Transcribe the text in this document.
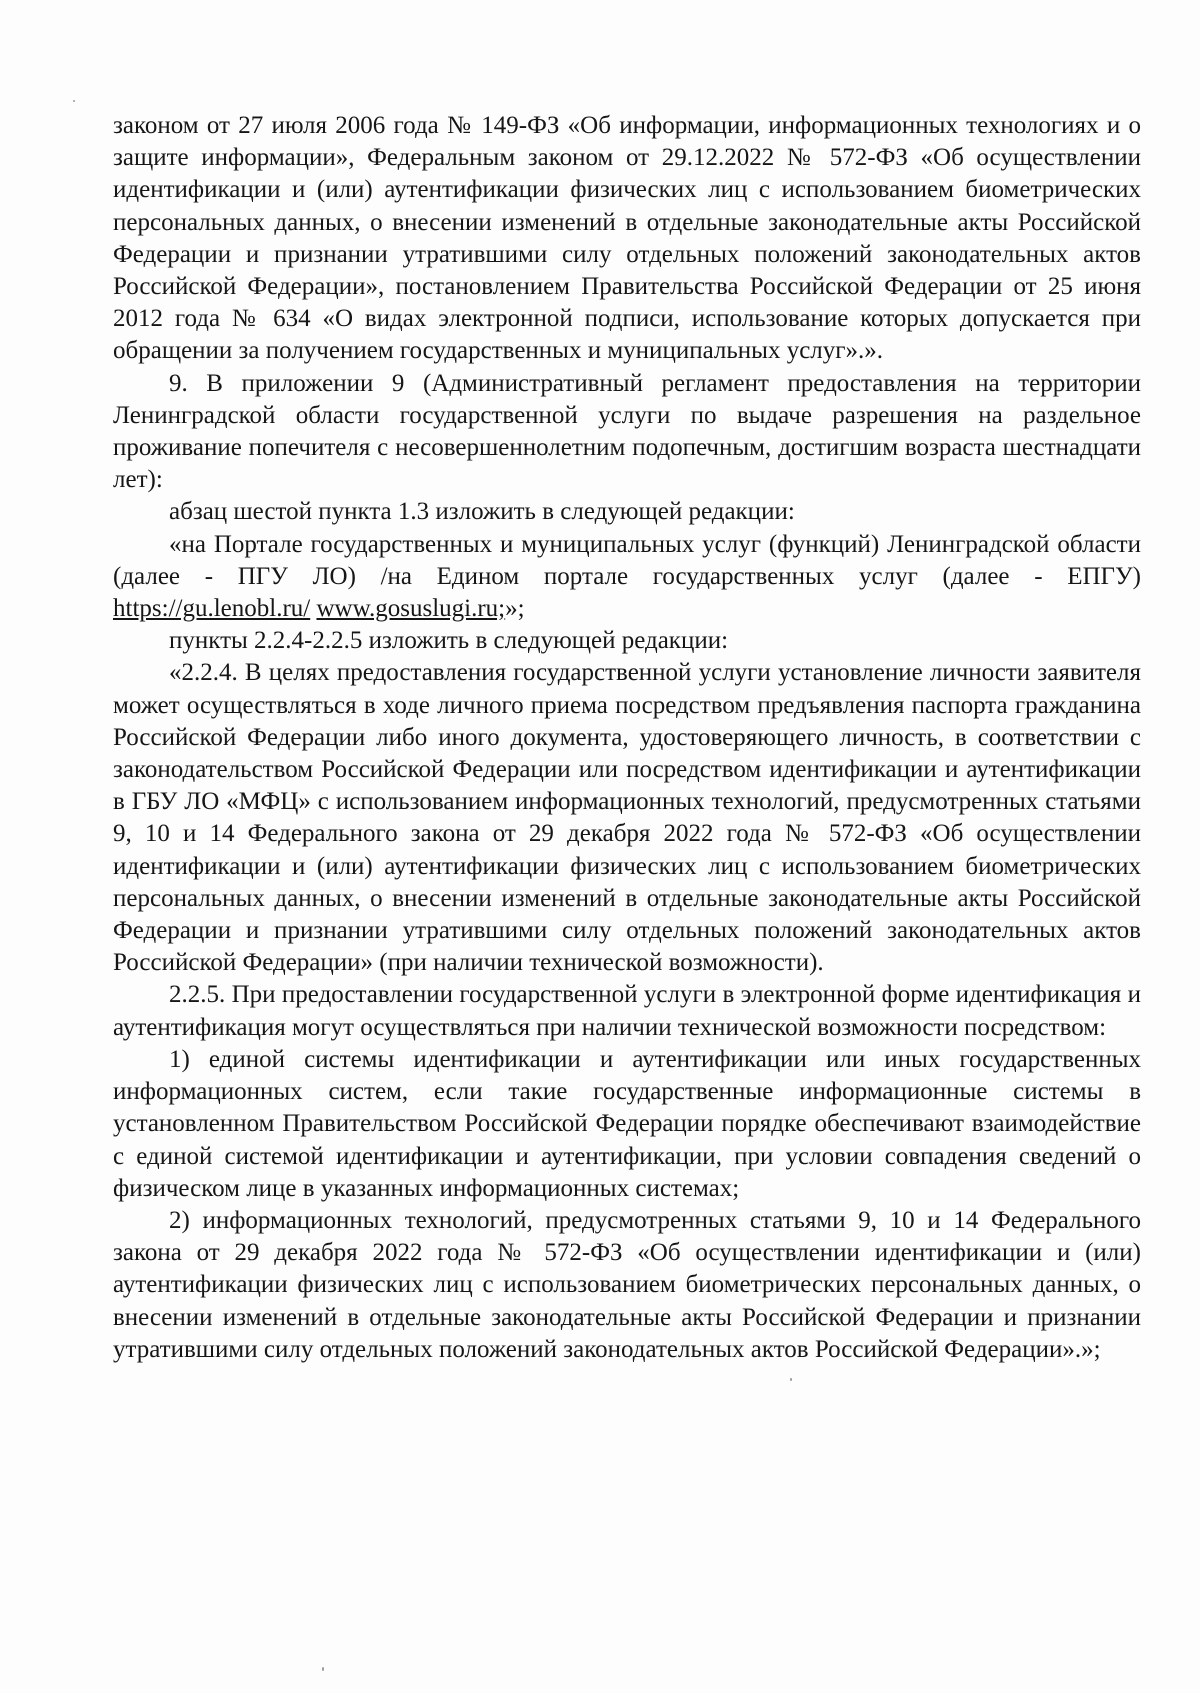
законом от 27 июля 2006 года № 149-ФЗ «Об информации, информационных технологиях и о защите информации», Федеральным законом от 29.12.2022 № 572-ФЗ «Об осуществлении идентификации и (или) аутентификации физических лиц с использованием биометрических персональных данных, о внесении изменений в отдельные законодательные акты Российской Федерации и признании утратившими силу отдельных положений законодательных актов Российской Федерации», постановлением Правительства Российской Федерации от 25 июня 2012 года № 634 «О видах электронной подписи, использование которых допускается при обращении за получением государственных и муниципальных услуг».».

9. В приложении 9 (Административный регламент предоставления на территории Ленинградской области государственной услуги по выдаче разрешения на раздельное проживание попечителя с несовершеннолетним подопечным, достигшим возраста шестнадцати лет):

абзац шестой пункта 1.3 изложить в следующей редакции:

«на Портале государственных и муниципальных услуг (функций) Ленинградской области (далее - ПГУ ЛО) /на Едином портале государственных услуг (далее - ЕПГУ) https://gu.lenobl.ru/ www.gosuslugi.ru;»;

пункты 2.2.4-2.2.5 изложить в следующей редакции:

«2.2.4. В целях предоставления государственной услуги установление личности заявителя может осуществляться в ходе личного приема посредством предъявления паспорта гражданина Российской Федерации либо иного документа, удостоверяющего личность, в соответствии с законодательством Российской Федерации или посредством идентификации и аутентификации в ГБУ ЛО «МФЦ» с использованием информационных технологий, предусмотренных статьями 9, 10 и 14 Федерального закона от 29 декабря 2022 года № 572-ФЗ «Об осуществлении идентификации и (или) аутентификации физических лиц с использованием биометрических персональных данных, о внесении изменений в отдельные законодательные акты Российской Федерации и признании утратившими силу отдельных положений законодательных актов Российской Федерации» (при наличии технической возможности).

2.2.5. При предоставлении государственной услуги в электронной форме идентификация и аутентификация могут осуществляться при наличии технической возможности посредством:

1) единой системы идентификации и аутентификации или иных государственных информационных систем, если такие государственные информационные системы в установленном Правительством Российской Федерации порядке обеспечивают взаимодействие с единой системой идентификации и аутентификации, при условии совпадения сведений о физическом лице в указанных информационных системах;

2) информационных технологий, предусмотренных статьями 9, 10 и 14 Федерального закона от 29 декабря 2022 года № 572-ФЗ «Об осуществлении идентификации и (или) аутентификации физических лиц с использованием биометрических персональных данных, о внесении изменений в отдельные законодательные акты Российской Федерации и признании утратившими силу отдельных положений законодательных актов Российской Федерации».»;
